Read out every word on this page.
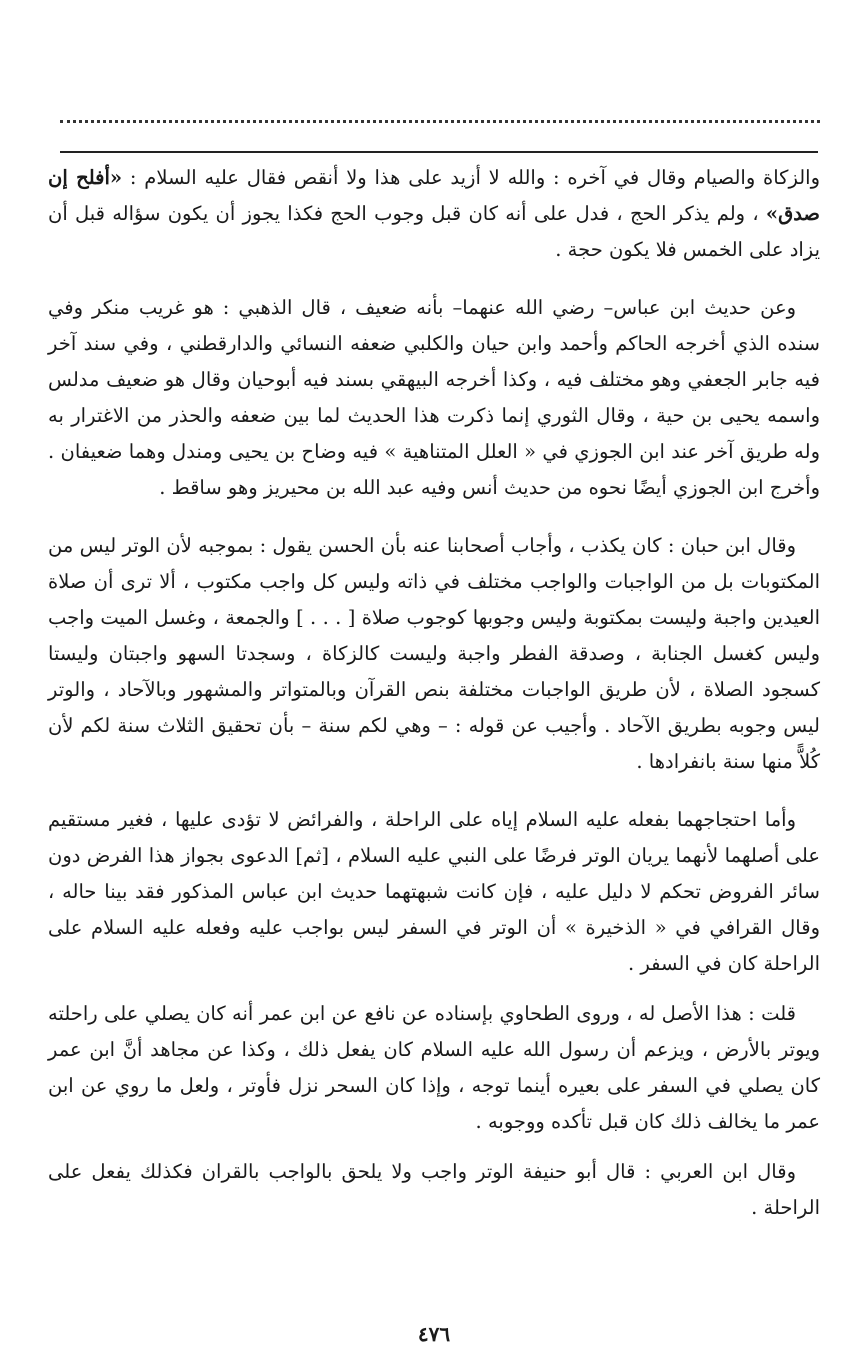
والزكاة والصيام وقال في آخره : والله لا أزيد على هذا ولا أنقص فقال عليه السلام : «أفلح إن صدق» ، ولم يذكر الحج ، فدل على أنه كان قبل وجوب الحج فكذا يجوز أن يكون سؤاله قبل أن يزاد على الخمس فلا يكون حجة .

وعن حديث ابن عباس– رضي الله عنهما– بأنه ضعيف ، قال الذهبي : هو غريب منكر وفي سنده الذي أخرجه الحاكم وأحمد وابن حيان والكلبي ضعفه النسائي والدارقطني ، وفي سند آخر فيه جابر الجعفي وهو مختلف فيه ، وكذا أخرجه البيهقي بسند فيه أبوحيان وقال هو ضعيف مدلس واسمه يحيى بن حية ، وقال الثوري إنما ذكرت هذا الحديث لما بين ضعفه والحذر من الاغترار به وله طريق آخر عند ابن الجوزي في « العلل المتناهية » فيه وضاح بن يحيى ومندل وهما ضعيفان . وأخرج ابن الجوزي أيضًا نحوه من حديث أنس وفيه عبد الله بن محيريز وهو ساقط .

وقال ابن حبان : كان يكذب ، وأجاب أصحابنا عنه بأن الحسن يقول : بموجبه لأن الوتر ليس من المكتوبات بل من الواجبات والواجب مختلف في ذاته وليس كل واجب مكتوب ، ألا ترى أن صلاة العيدين واجبة وليست بمكتوبة وليس وجوبها كوجوب صلاة [ . . . ] والجمعة ، وغسل الميت واجب وليس كغسل الجنابة ، وصدقة الفطر واجبة وليست كالزكاة ، وسجدتا السهو واجبتان وليستا كسجود الصلاة ، لأن طريق الواجبات مختلفة بنص القرآن وبالمتواتر والمشهور وبالآحاد ، والوتر ليس وجوبه بطريق الآحاد . وأجيب عن قوله : – وهي لكم سنة – بأن تحقيق الثلاث سنة لكم لأن كُلاًّ منها سنة بانفرادها .

وأما احتجاجهما بفعله عليه السلام إياه على الراحلة ، والفرائض لا تؤدى عليها ، فغير مستقيم على أصلهما لأنهما يريان الوتر فرضًا على النبي عليه السلام ، [ثم] الدعوى بجواز هذا الفرض دون سائر الفروض تحكم لا دليل عليه ، فإن كانت شبهتهما حديث ابن عباس المذكور فقد بينا حاله ، وقال القرافي في « الذخيرة » أن الوتر في السفر ليس بواجب عليه وفعله عليه السلام على الراحلة كان في السفر .

قلت : هذا الأصل له ، وروى الطحاوي بإسناده عن نافع عن ابن عمر أنه كان يصلي على راحلته ويوتر بالأرض ، ويزعم أن رسول الله عليه السلام كان يفعل ذلك ، وكذا عن مجاهد أنَّ ابن عمر كان يصلي في السفر على بعيره أينما توجه ، وإذا كان السحر نزل فأوتر ، ولعل ما روي عن ابن عمر ما يخالف ذلك كان قبل تأكده ووجوبه .

وقال ابن العربي : قال أبو حنيفة الوتر واجب ولا يلحق بالواجب بالقران فكذلك يفعل على الراحلة .

٤٧٦
